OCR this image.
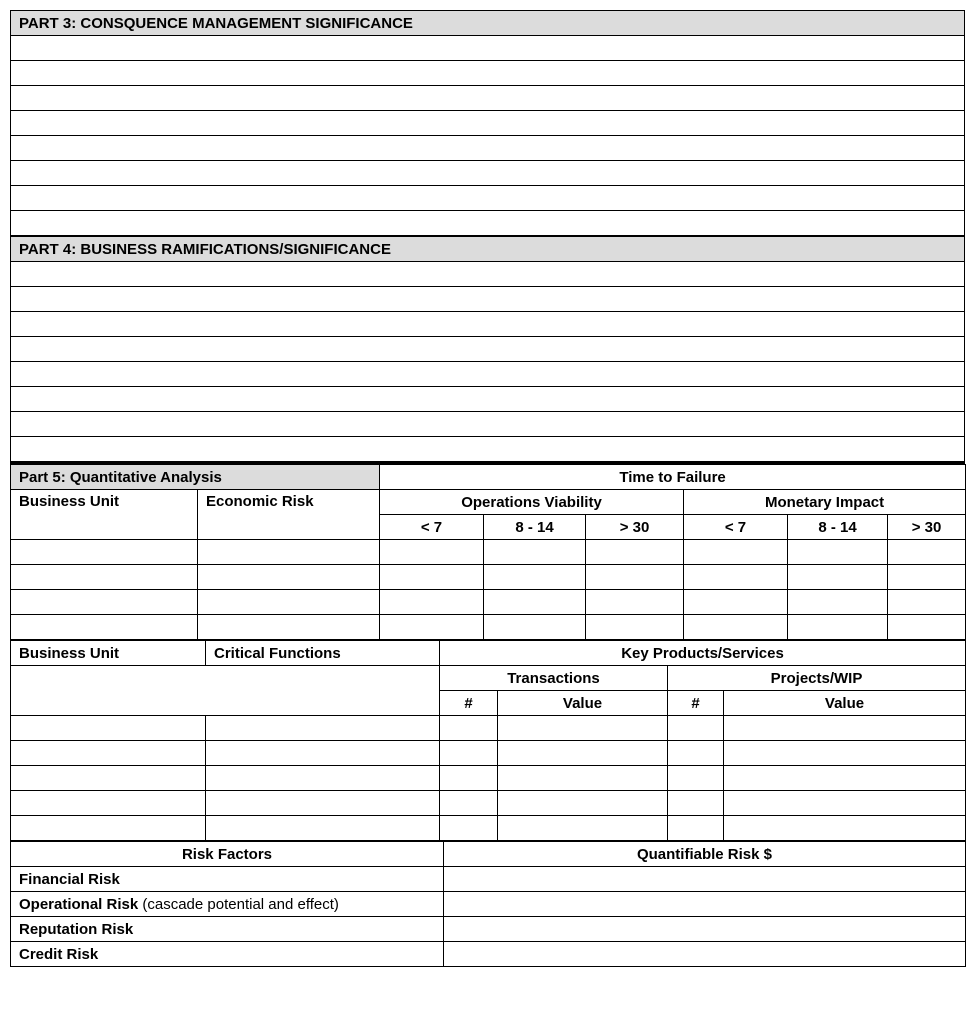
PART 3: CONSQUENCE MANAGEMENT SIGNIFICANCE

PART 4: BUSINESS RAMIFICATIONS/SIGNIFICANCE

Part 5: Quantitative Analysis		Time to Failure					
Business Unit	Economic Risk	Operations Viability			Monetary Impact		
		< 7	8 - 14	> 30	< 7	8 - 14	> 30

Business Unit	Critical Functions	Key Products/Services			
		Transactions		Projects/WIP	
		#	Value	#	Value

Risk Factors	Quantifiable Risk $
Financial Risk	
Operational Risk (cascade potential and effect)	
Reputation Risk	
Credit Risk	
